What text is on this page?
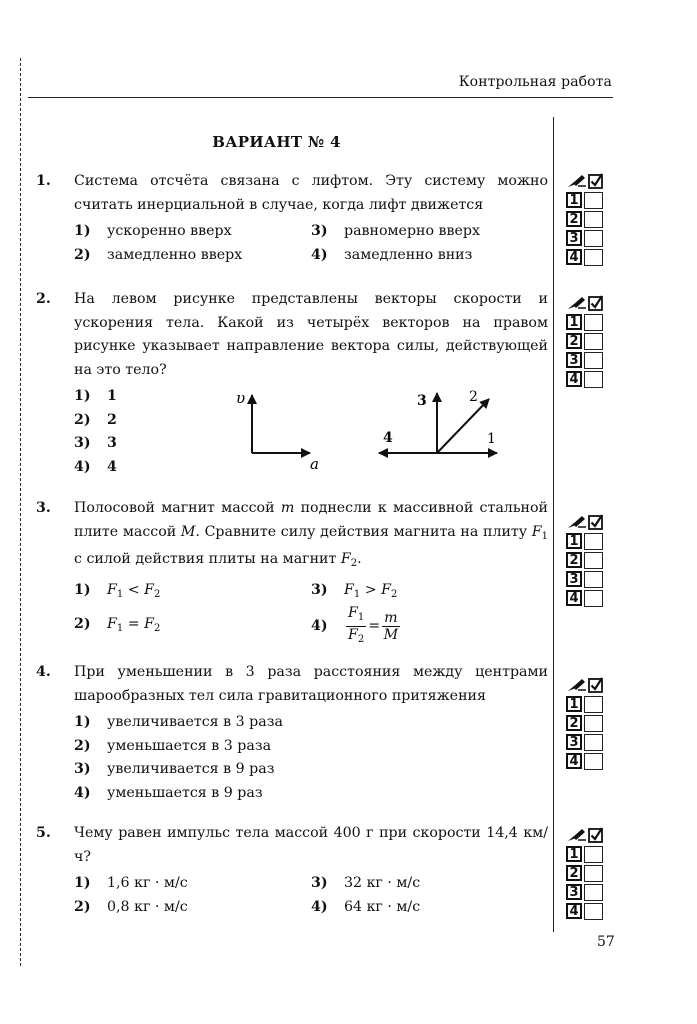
Контрольная работа
ВАРИАНТ № 4
1. Система отсчёта связана с лифтом. Эту систему можно считать инерциальной в случае, когда лифт движется
1)	ускоренно вверх	3)	равномерно вверх
2)	замедленно вверх	4)	замедленно вниз
2. На левом рисунке представлены векторы скорости и ускорения тела. Какой из четырёх векторов на правом рисунке указывает направление вектора силы, действующей на это тело?
1)	1
2)	2
3)	3
4)	4
υ
a
1
2
3
4
3. Полосовой магнит массой m поднесли к массивной стальной плите массой M. Сравните силу действия магнита на плиту $F_1$ с силой действия плиты на магнит $F_2$.
1)	$F_1 < F_2$	3)	$F_1 > F_2$
2)	$F_1 = F_2$	4)	$\frac{F_1}{F_2} = \frac{m}{M}$
4. При уменьшении в 3 раза расстояния между центрами шарообразных тел сила гравитационного притяжения
1)	увеличивается в 3 раза
2)	уменьшается в 3 раза
3)	увеличивается в 9 раз
4)	уменьшается в 9 раз
5. Чему равен импульс тела массой 400 г при скорости 14,4 км/ч?
1)	1,6 кг · м/с	3)	32 кг · м/с
2)	0,8 кг · м/с	4)	64 кг · м/с
1
2
3
4
1
2
3
4
1
2
3
4
1
2
3
4
1
2
3
4
57
